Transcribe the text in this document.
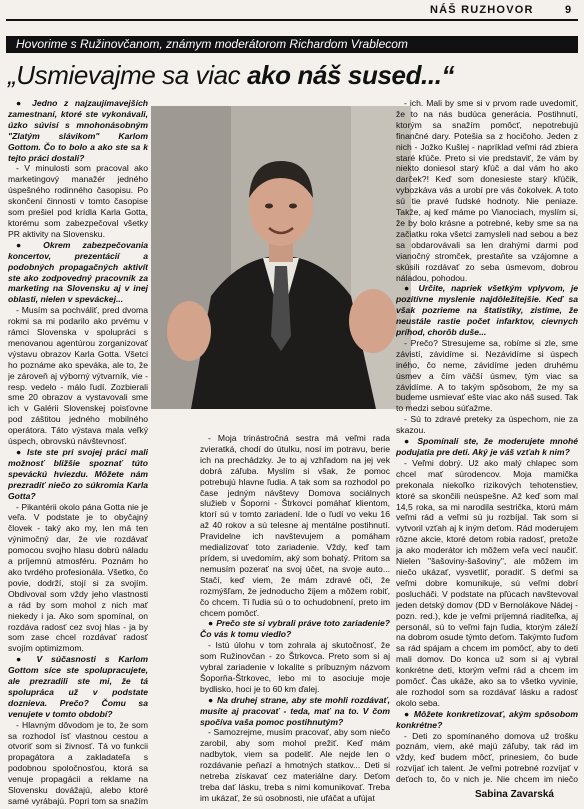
NÁŠ RUZHOVOR	9
Hovorime s Ružinovčanom, známym moderátorom Richardom Vrablecom
„Usmievajme sa viac ako náš sused...“

● Jedno z najzaujímavejších zamestnaní, ktoré ste vykonávali, úzko súvisí s mnohonásobným "Zlatým slávikom" Karlom Gottom. Čo to bolo a ako ste sa k tejto práci dostali?

- V minulosti som pracoval ako marketingový manažér jedného úspešného rodinného časopisu. Po skončení činnosti v tomto časopise som prešiel pod krídla Karla Gotta, ktorému som zabezpečoval všetky PR aktivity na Slovensku.

● Okrem zabezpečovania koncertov, prezentácií a podobných propagačných aktivít ste ako zodpovedný pracovník za marketing na Slovensku aj v inej oblasti, nielen v speváckej...

- Musím sa pochváliť, pred dvoma rokmi sa mi podarilo ako prvému v rámci Slovenska v spolupráci s menovanou agentúrou zorganizovať výstavu obrazov Karla Gotta. Všetci ho poznáme ako speváka, ale to, že je zároveň aj výborný výtvarník, vie - resp. vedelo - málo ľudí. Zozbierali sme 20 obrazov a vystavovali sme ich v Galérii Slovenskej poisťovne pod záštitou jedného mobilného operátora. Táto výstava mala veľký úspech, obrovskú návštevnosť.

● Iste ste pri svojej práci mali možnosť bližšie spoznať túto speváckú hviezdu. Môžete nám prezradiť niečo zo súkromia Karla Gotta?

- Pikantérii okolo pána Gotta nie je veľa. V podstate je to obyčajný človek - taký ako my, len má ten výnimočný dar, že vie rozdávať pomocou svojho hlasu dobrú náladu a príjemnú atmosféru. Poznám ho ako tvrdého profesionála. Všetko, čo povie, dodrží, stojí si za svojím. Obdivoval som vždy jeho vlastnosti a rád by som mohol z nich mať niekedy i ja. Ako som spomínal, on rozdáva radosť cez svoj hlas - ja by som zase chcel rozdávať radosť svojím optimizmom.

● V súčasnosti s Karlom Gottom síce ste spolupracujete, ale prezradili ste mi, že tá spolupráca už v podstate doznieva. Prečo? Čomu sa venujete v tomto období?

- Hlavným dôvodom je to, že som sa rozhodol ísť vlastnou cestou a otvoriť som si živnosť. Tá vo funkcii propagátora a zakladateľa s podobnou spoločnosťou, ktorá sa venuje propagácii a reklame na Slovensku dovážajú, alebo ktoré samé vyrábajú. Popri tom sa snažím

- Moja trinástročná sestra má veľmi rada zvieratká, chodí do útulku, nosí im potravu, berie ich na prechádzky. Je to aj vzhľadom na jej vek dobrá záľuba. Myslím si však, že pomoc potrebujú hlavne ľudia. A tak som sa rozhodol po čase jedným návštevy Domova sociálnych služieb v Šoporni - Štrkovci pomáhať klientom, ktorí sú v tomto zariadení. Ide o ľudí vo veku 16 až 40 rokov a sú telesne aj mentálne postihnutí. Pravidelne ich navštevujem a pomáham medializovať toto zariadenie. Vždy, keď tam prídem, si uvedomím, aký som bohatý. Pritom sa nemusím pozerať na svoj účet, na svoje auto... Stačí, keď viem, že mám zdravé oči, že rozmýšľam, že jednoducho žijem a môžem robiť, čo chcem. Ti ľudia sú o to ochudobnení, preto im chcem pomôcť.

● Prečo ste si vybrali práve toto zariadenie? Čo vás k tomu viedlo?

- Istú úlohu v tom zohrala aj skutočnosť, že som Ružinovčan - zo Štrkovca. Preto som si aj vybral zariadenie v lokalite s príbuzným názvom Šoporňa-Štrkovec, lebo mi to asociuje moje bydlisko, hoci je to 60 km ďalej.

● Na druhej strane, aby ste mohli rozdávať, musíte aj pracovať - teda, mať na to. V čom spočíva vaša pomoc postihnutým?

- Samozrejme, musím pracovať, aby som niečo zarobil, aby som mohol prežiť. Keď mám nadbytok, viem sa podeliť. Ale nejde len o rozdávanie peňazí a hmotných statkov... Deti si netreba získavať cez materiálne dary. Deťom treba dať lásku, treba s nimi komunikovať. Treba im ukázať, že sú osobnosti, nie ufáčat a ufújat

- ich. Mali by sme si v prvom rade uvedomiť, že to na nás budúca generácia. Postihnutí, ktorým sa snažím pomôcť, nepotrebujú finančné dary. Potešia sa z hocičoho. Jeden z nich - Jožko Kušlej - napríklad veľmi rád zbiera staré kľúče. Preto si vie predstaviť, že vám by niekto doniesol starý kľúč a dal vám ho ako darček?! Keď som donesieste starý kľúčik, vybozkáva vás a urobí pre vás čokolvek. A toto sú tie pravé ľudské hodnoty. Nie peniaze. Takže, aj keď máme po Vianociach, myslím si, že by bolo krásne a potrebné, keby sme sa na začiatku roka všetci zamysleli nad sebou a bez sa obdarovávali sa len drahými darmi pod vianočný stromček, prestaňte sa vzájomne a skúsili rozdávať zo seba úsmevom, dobrou náladou, pohodou.

● Určite, napriek všetkým vplyvom, je pozitívne myslenie najdôležitejšie. Keď sa však pozrieme na štatistiky, zistíme, že neustále rastie počet infarktov, cievnych príhod, chorôb duše...

- Prečo? Stresujeme sa, robíme si zle, sme závistí, závidíme si. Nezávidíme si úspech iného, čo neme, závidíme jeden druhému úsmev a čím väčší úsmev, tým viac sa závidíme. A to takým spôsobom, že my sa budeme usmievať ešte viac ako náš sused. Tak to medzi sebou súťažme.

- Sú to zdravé preteky za úspechom, nie za skazou.

● Spomínali ste, že moderujete mnohé podujatia pre deti. Aký je váš vzťah k nim?

- Veľmi dobrý. Už ako malý chlapec som chcel mať súrodencov. Moja mamička prekonala niekoľko rizikových tehotenstiev, ktoré sa skončili neúspešne. Až keď som mal 14,5 roka, sa mi narodila sestrička, ktorú mám veľmi rád a veľmi sú ju rozbíjal. Tak som si vytvoril vzťah aj k iným deťom. Rád moderujem rôzne akcie, ktoré detom robia radosť, pretože ja ako moderátor ich môžem veľa vecí naučiť. Nielen "šašoviny-šašoviny", ale môžem im niečo ukázať, vysvetliť, poradiť. S deťmi sa veľmi dobre komunikuje, sú veľmi dobrí poslucháči. V podstate na pľúcach navštevoval jeden detský domov (DD v Bernolákove Nádej - pozn. red.), kde je veľmi príjemná riaditeľka, aj personál, sú to veľmi fajn ľudia, ktorým záleží na dobrom osude týmto deťom. Takýmto ľuďom sa rád spájam a chcem im pomôcť, aby to deti mali domov. Do konca už som si aj vybral konkrétne deti, ktorým veľmi rád a chcem im pomôcť. Čas ukáže, ako sa to všetko vyvinie, ale rozhodol som sa rozdávať lásku a radosť okolo seba.

● Môžete konkretizovať, akým spôsobom konkrétne?

- Deti zo spomínaného domova už trošku poznám, viem, aké majú záľuby, tak rád im vždy, keď budem môcť, prinesiem, čo bude rozvíjať ich talent. Je veľmi potrebné rozvíjať v deťoch to, čo v nich je. Nie chcem im niečo

Sabina Zavarská
